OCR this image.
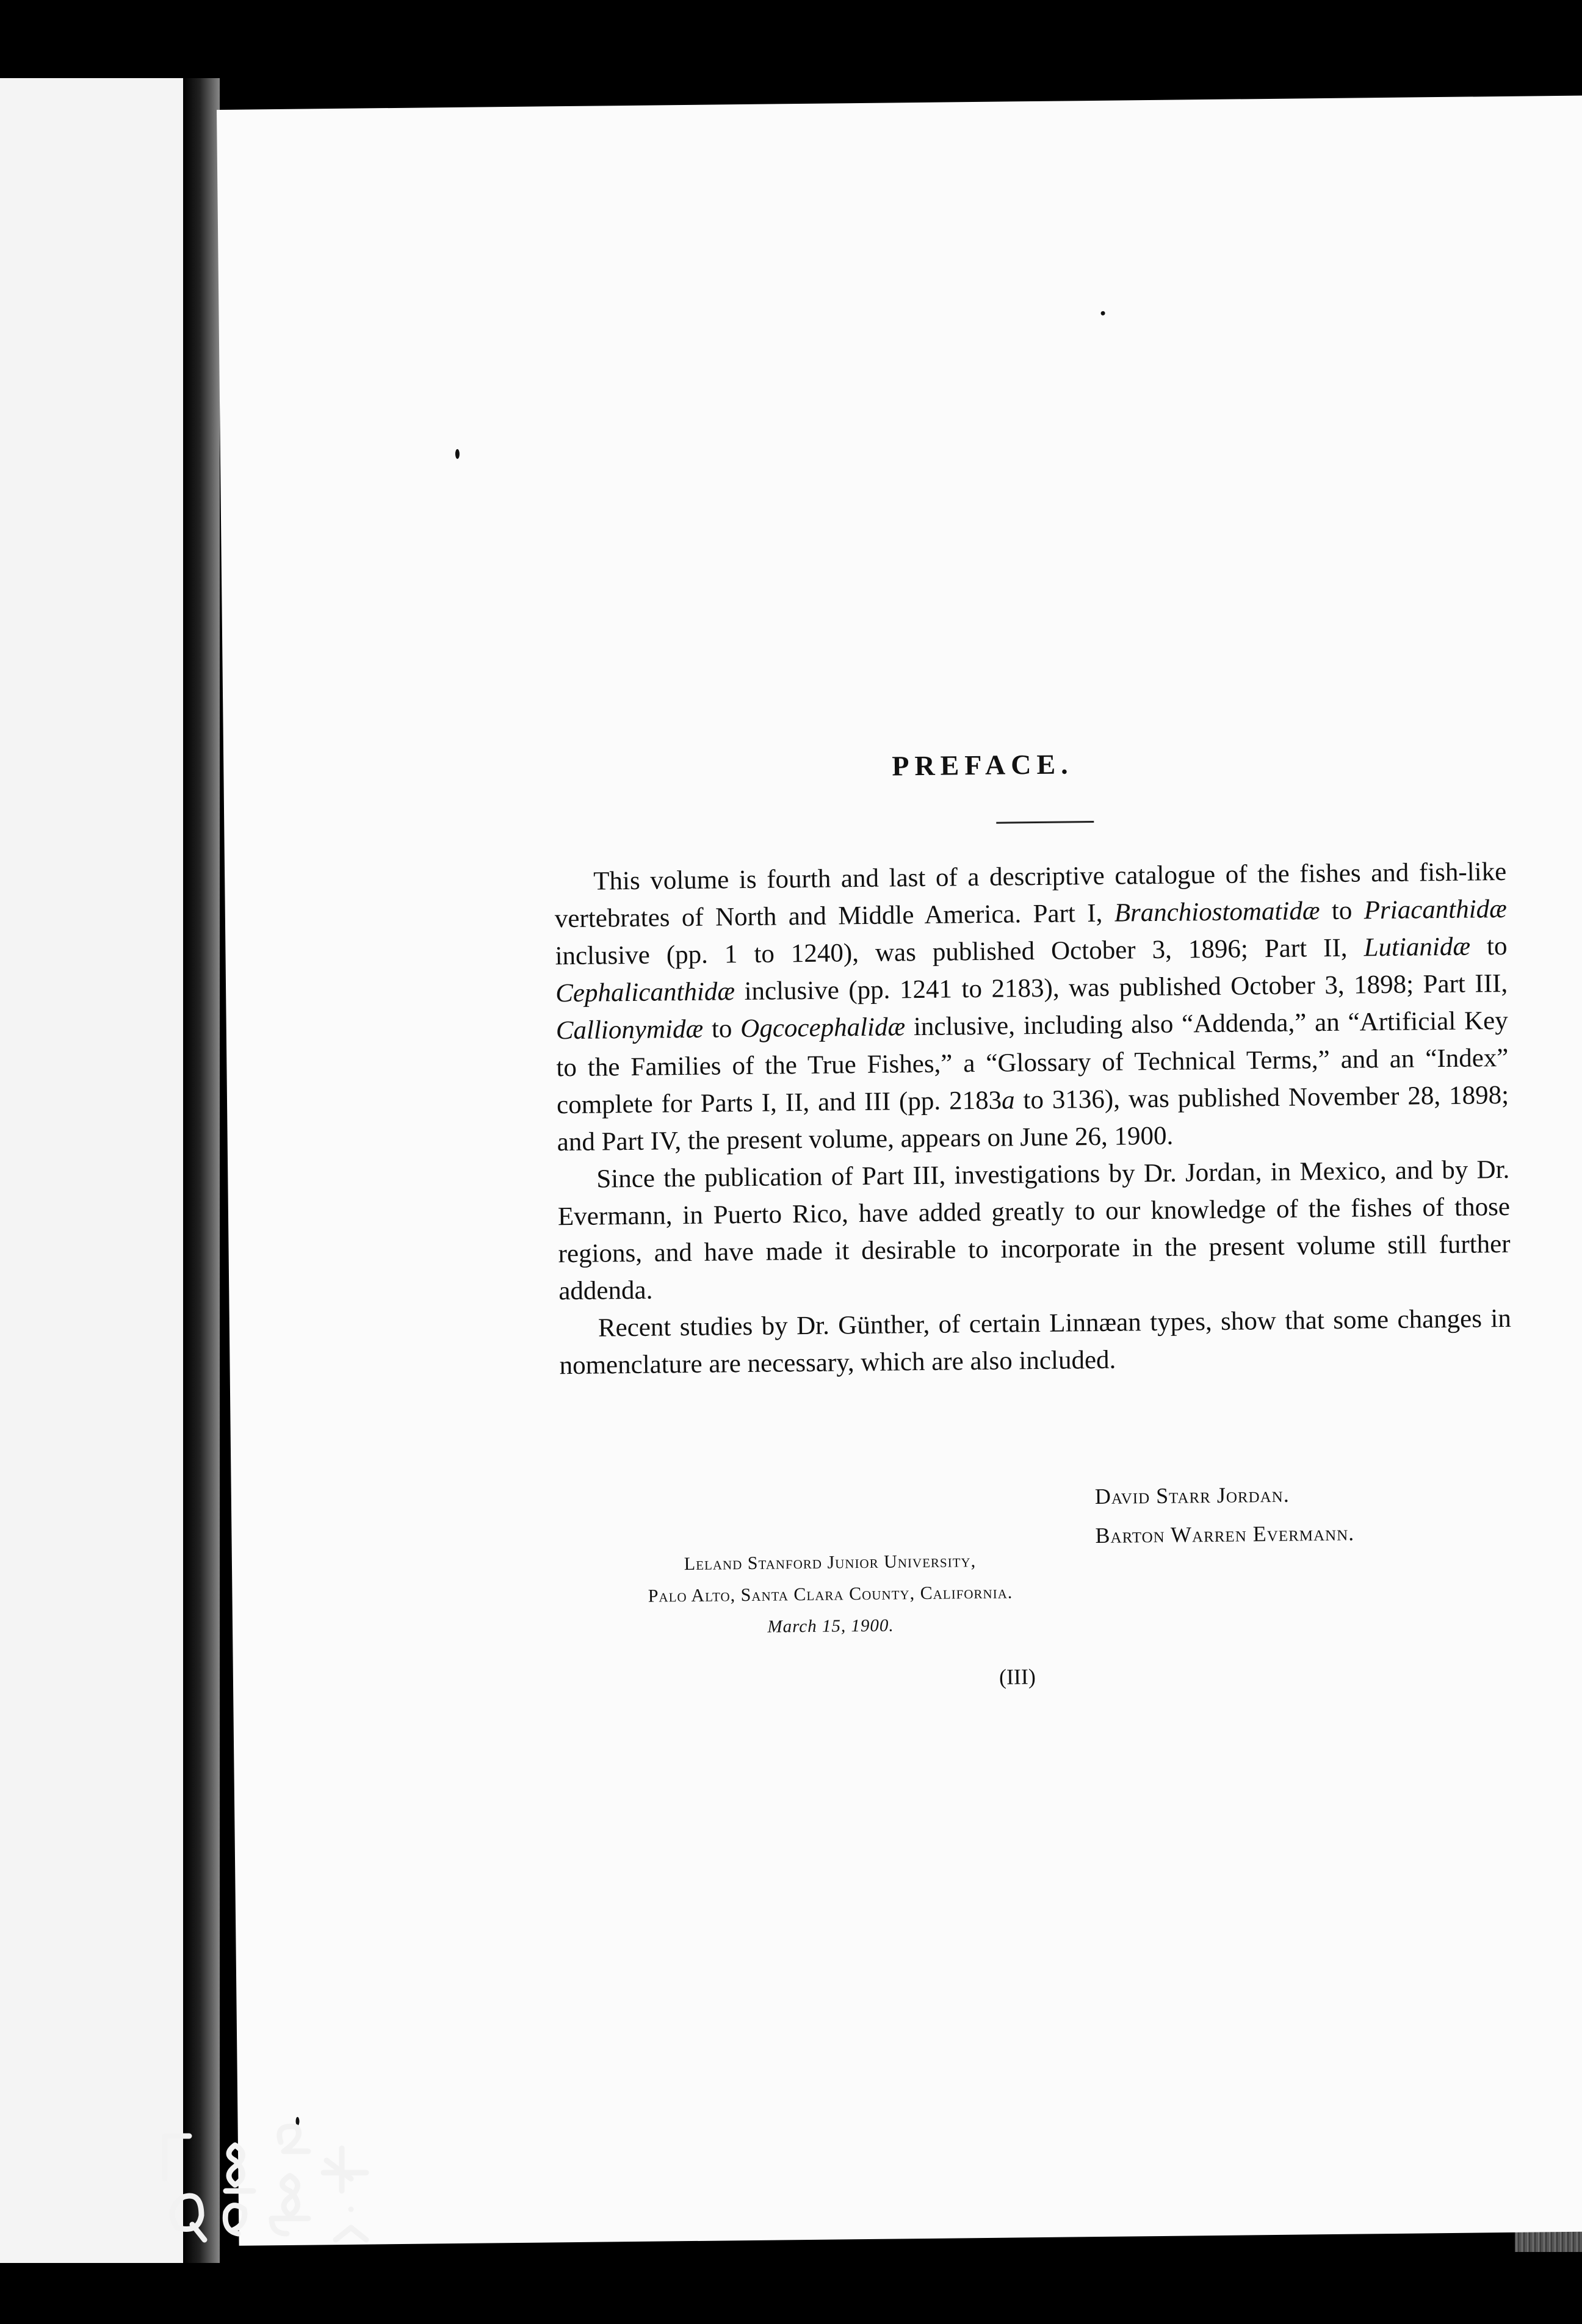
PREFACE.

This volume is fourth and last of a descriptive catalogue of the fishes and fish-like vertebrates of North and Middle America. Part I, Branchiostomatidæ to Priacanthidæ inclusive (pp. 1 to 1240), was published October 3, 1896; Part II, Lutianidæ to Cephalicanthidæ inclusive (pp. 1241 to 2183), was published October 3, 1898; Part III, Callionymidæ to Ogcocephalidæ inclusive, including also “Addenda,” an “Artificial Key to the Families of the True Fishes,” a “Glossary of Technical Terms,” and an “Index” complete for Parts I, II, and III (pp. 2183a to 3136), was published November 28, 1898; and Part IV, the present volume, appears on June 26, 1900.

Since the publication of Part III, investigations by Dr. Jordan, in Mexico, and by Dr. Evermann, in Puerto Rico, have added greatly to our knowledge of the fishes of those regions, and have made it desirable to incorporate in the present volume still further addenda.

Recent studies by Dr. Günther, of certain Linnæan types, show that some changes in nomenclature are necessary, which are also included.

David Starr Jordan.
Barton Warren Evermann.
Leland Stanford Junior University,
Palo Alto, Santa Clara County, California.
March 15, 1900.
(III)
